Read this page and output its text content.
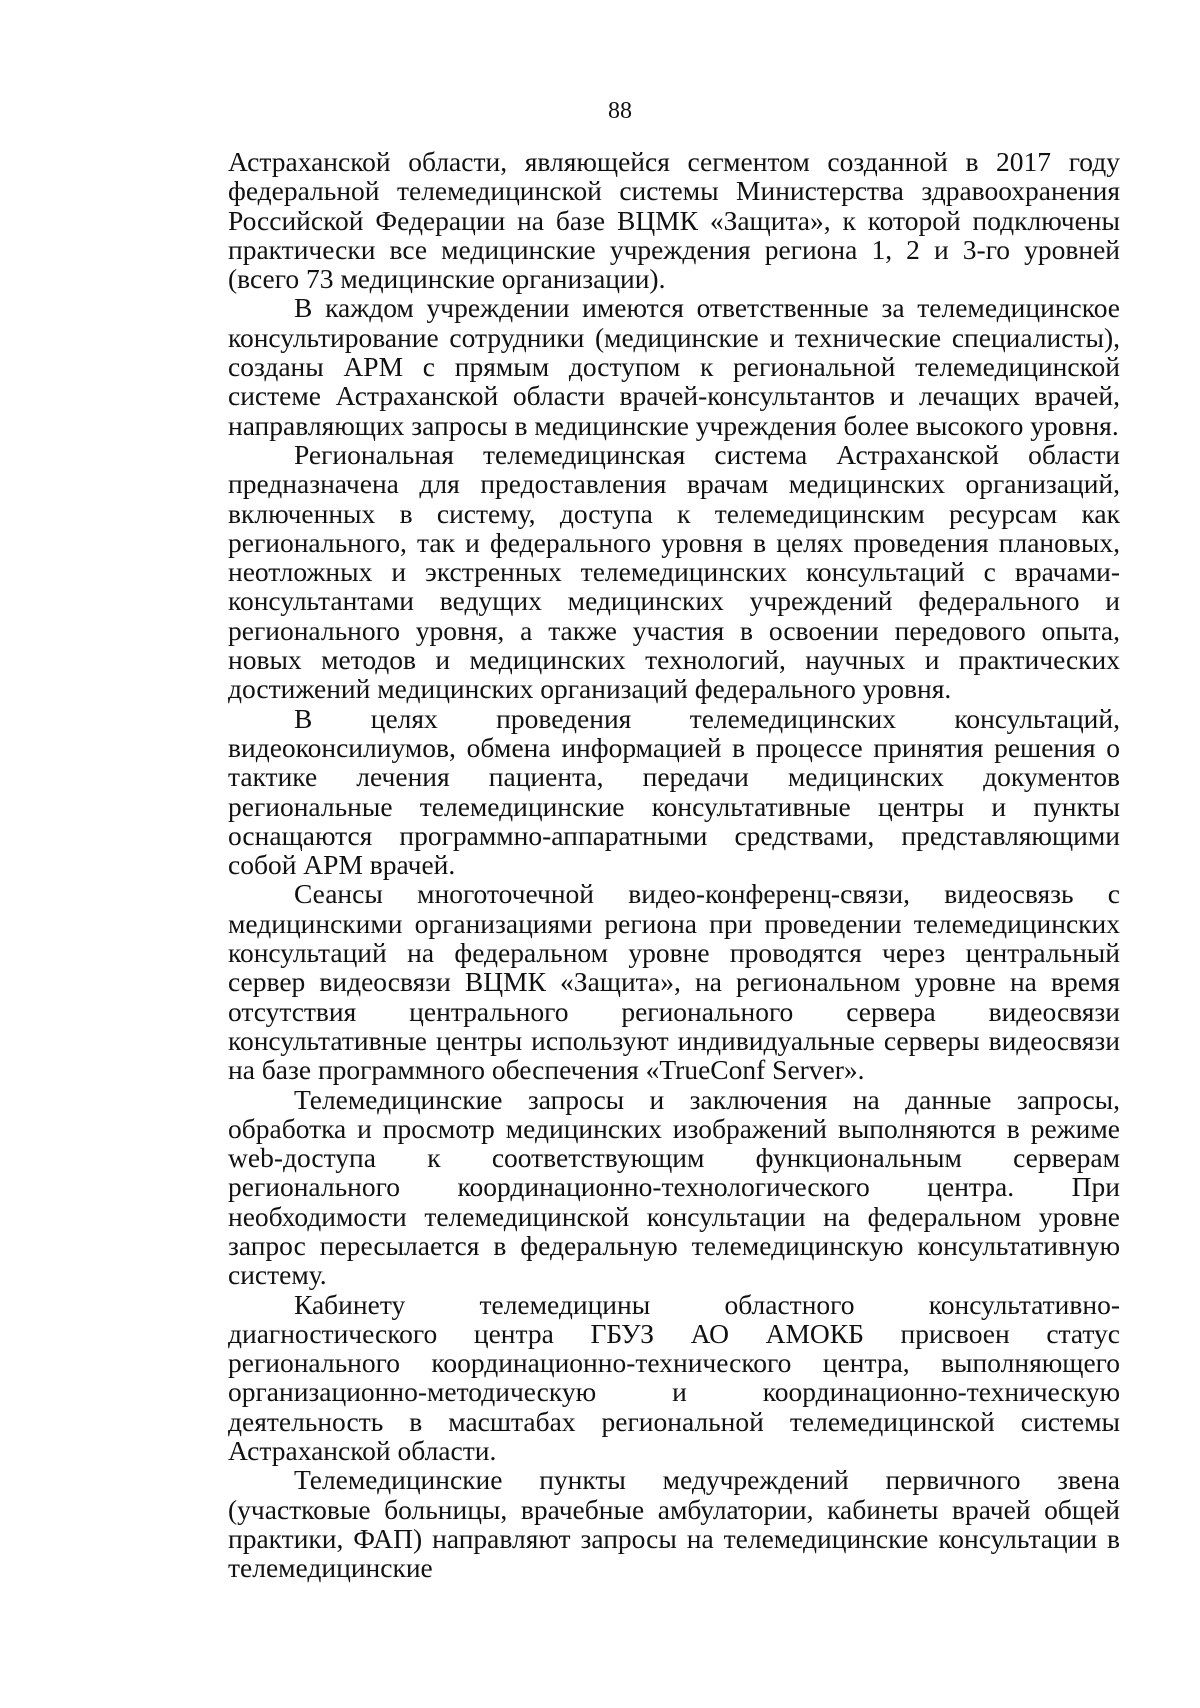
88

Астраханской области, являющейся сегментом созданной в 2017 году федеральной телемедицинской системы Министерства здравоохранения Российской Федерации на базе ВЦМК «Защита», к которой подключены практически все медицинские учреждения региона 1, 2 и 3-го уровней (всего 73 медицинские организации).

В каждом учреждении имеются ответственные за телемедицинское консультирование сотрудники (медицинские и технические специалисты), созданы АРМ с прямым доступом к региональной телемедицинской системе Астраханской области врачей-консультантов и лечащих врачей, направляющих запросы в медицинские учреждения более высокого уровня.

Региональная телемедицинская система Астраханской области предназначена для предоставления врачам медицинских организаций, включенных в систему, доступа к телемедицинским ресурсам как регионального, так и федерального уровня в целях проведения плановых, неотложных и экстренных телемедицинских консультаций с врачами-консультантами ведущих медицинских учреждений федерального и регионального уровня, а также участия в освоении передового опыта, новых методов и медицинских технологий, научных и практических достижений медицинских организаций федерального уровня.

В целях проведения телемедицинских консультаций, видеоконсилиумов, обмена информацией в процессе принятия решения о тактике лечения пациента, передачи медицинских документов региональные телемедицинские консультативные центры и пункты оснащаются программно-аппаратными средствами, представляющими собой АРМ врачей.

Сеансы многоточечной видео-конференц-связи, видеосвязь с медицинскими организациями региона при проведении телемедицинских консультаций на федеральном уровне проводятся через центральный сервер видеосвязи ВЦМК «Защита», на региональном уровне на время отсутствия центрального регионального сервера видеосвязи консультативные центры используют индивидуальные серверы видеосвязи на базе программного обеспечения «TrueConf Server».

Телемедицинские запросы и заключения на данные запросы, обработка и просмотр медицинских изображений выполняются в режиме web-доступа к соответствующим функциональным серверам регионального координационно-технологического центра. При необходимости телемедицинской консультации на федеральном уровне запрос пересылается в федеральную телемедицинскую консультативную систему.

Кабинету телемедицины областного консультативно-диагностического центра ГБУЗ АО АМОКБ присвоен статус регионального координационно-технического центра, выполняющего организационно-методическую и координационно-техническую деятельность в масштабах региональной телемедицинской системы Астраханской области.

Телемедицинские пункты медучреждений первичного звена (участковые больницы, врачебные амбулатории, кабинеты врачей общей практики, ФАП) направляют запросы на телемедицинские консультации в телемедицинские
